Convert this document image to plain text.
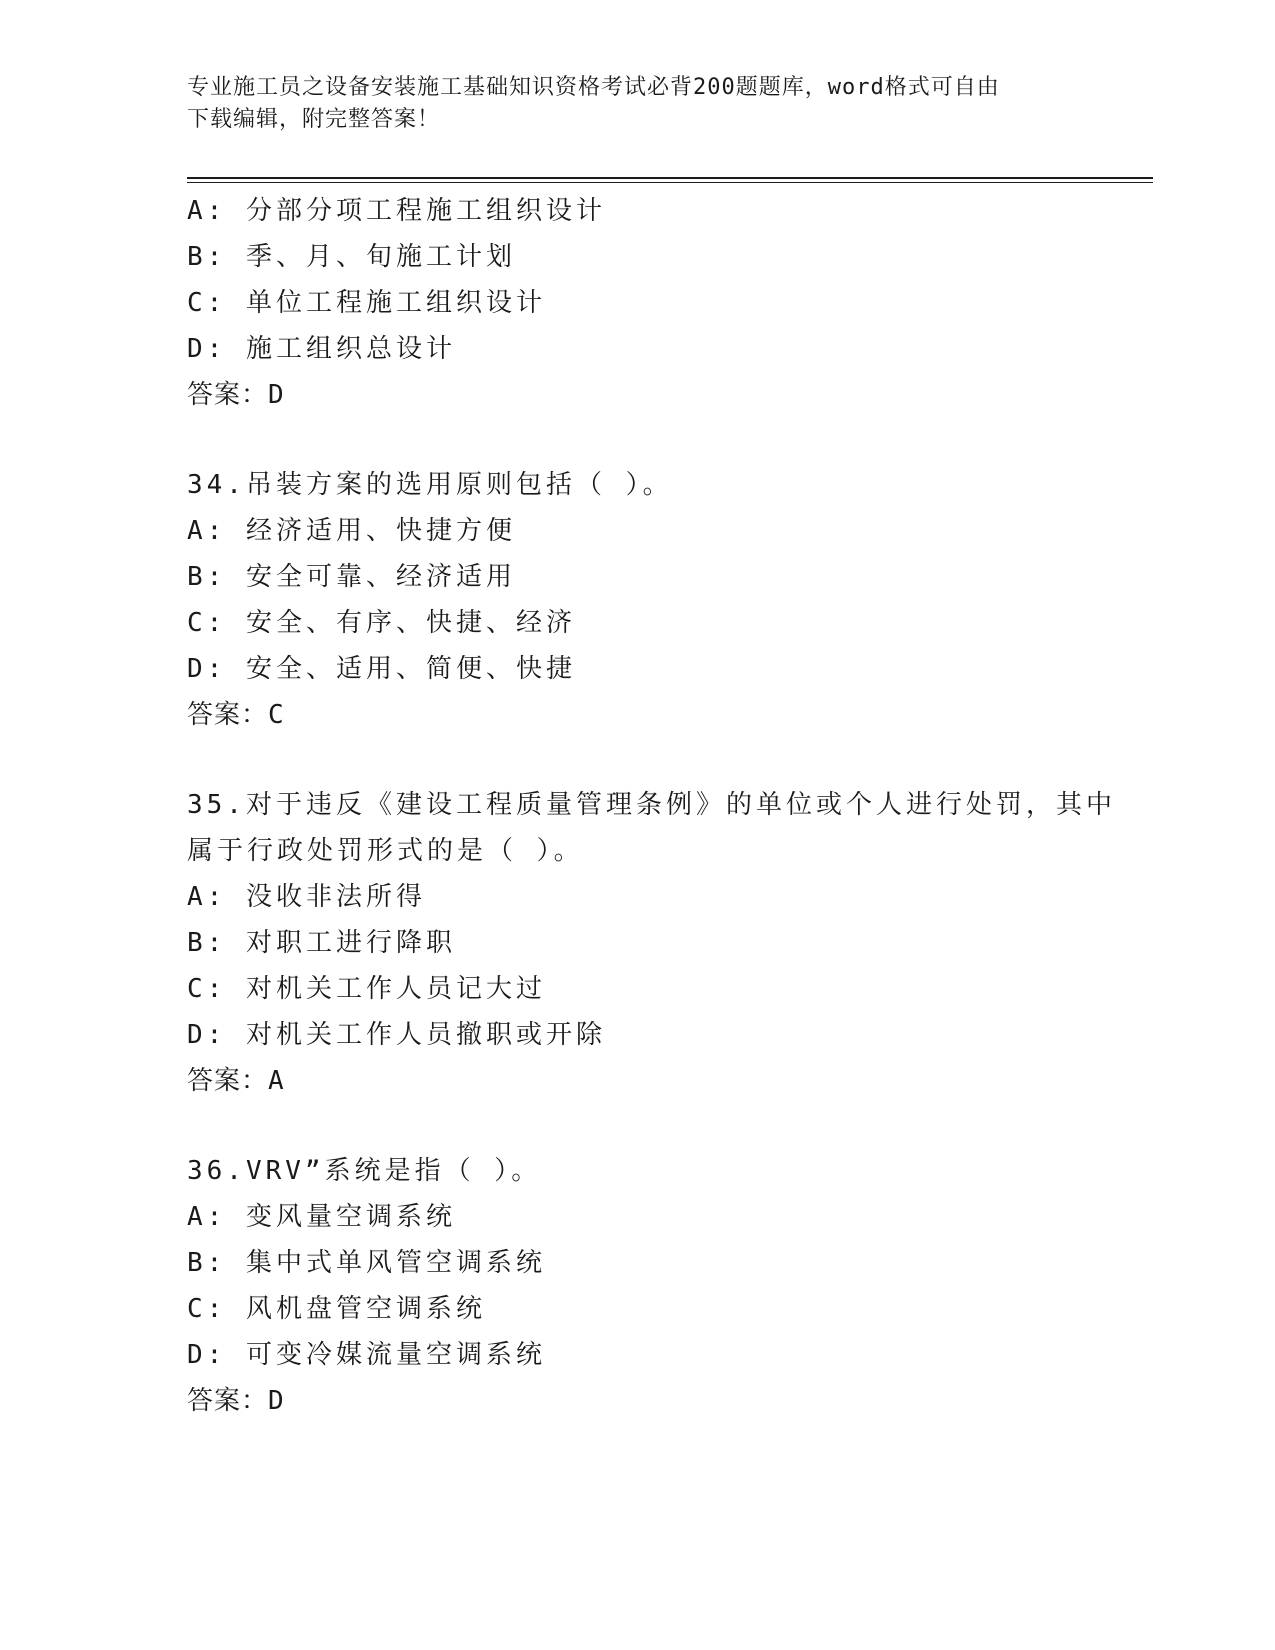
专业施工员之设备安装施工基础知识资格考试必背200题题库，word格式可自由
下载编辑，附完整答案！
A: 分部分项工程施工组织设计
B: 季、月、旬施工计划
C: 单位工程施工组织设计
D: 施工组织总设计
答案：D
34.吊装方案的选用原则包括（ ）。
A: 经济适用、快捷方便
B: 安全可靠、经济适用
C: 安全、有序、快捷、经济
D: 安全、适用、简便、快捷
答案：C
35.对于违反《建设工程质量管理条例》的单位或个人进行处罚，其中
属于行政处罚形式的是（ ）。
A: 没收非法所得
B: 对职工进行降职
C: 对机关工作人员记大过
D: 对机关工作人员撤职或开除
答案：A
36.VRV”系统是指（ ）。
A: 变风量空调系统
B: 集中式单风管空调系统
C: 风机盘管空调系统
D: 可变冷媒流量空调系统
答案：D
